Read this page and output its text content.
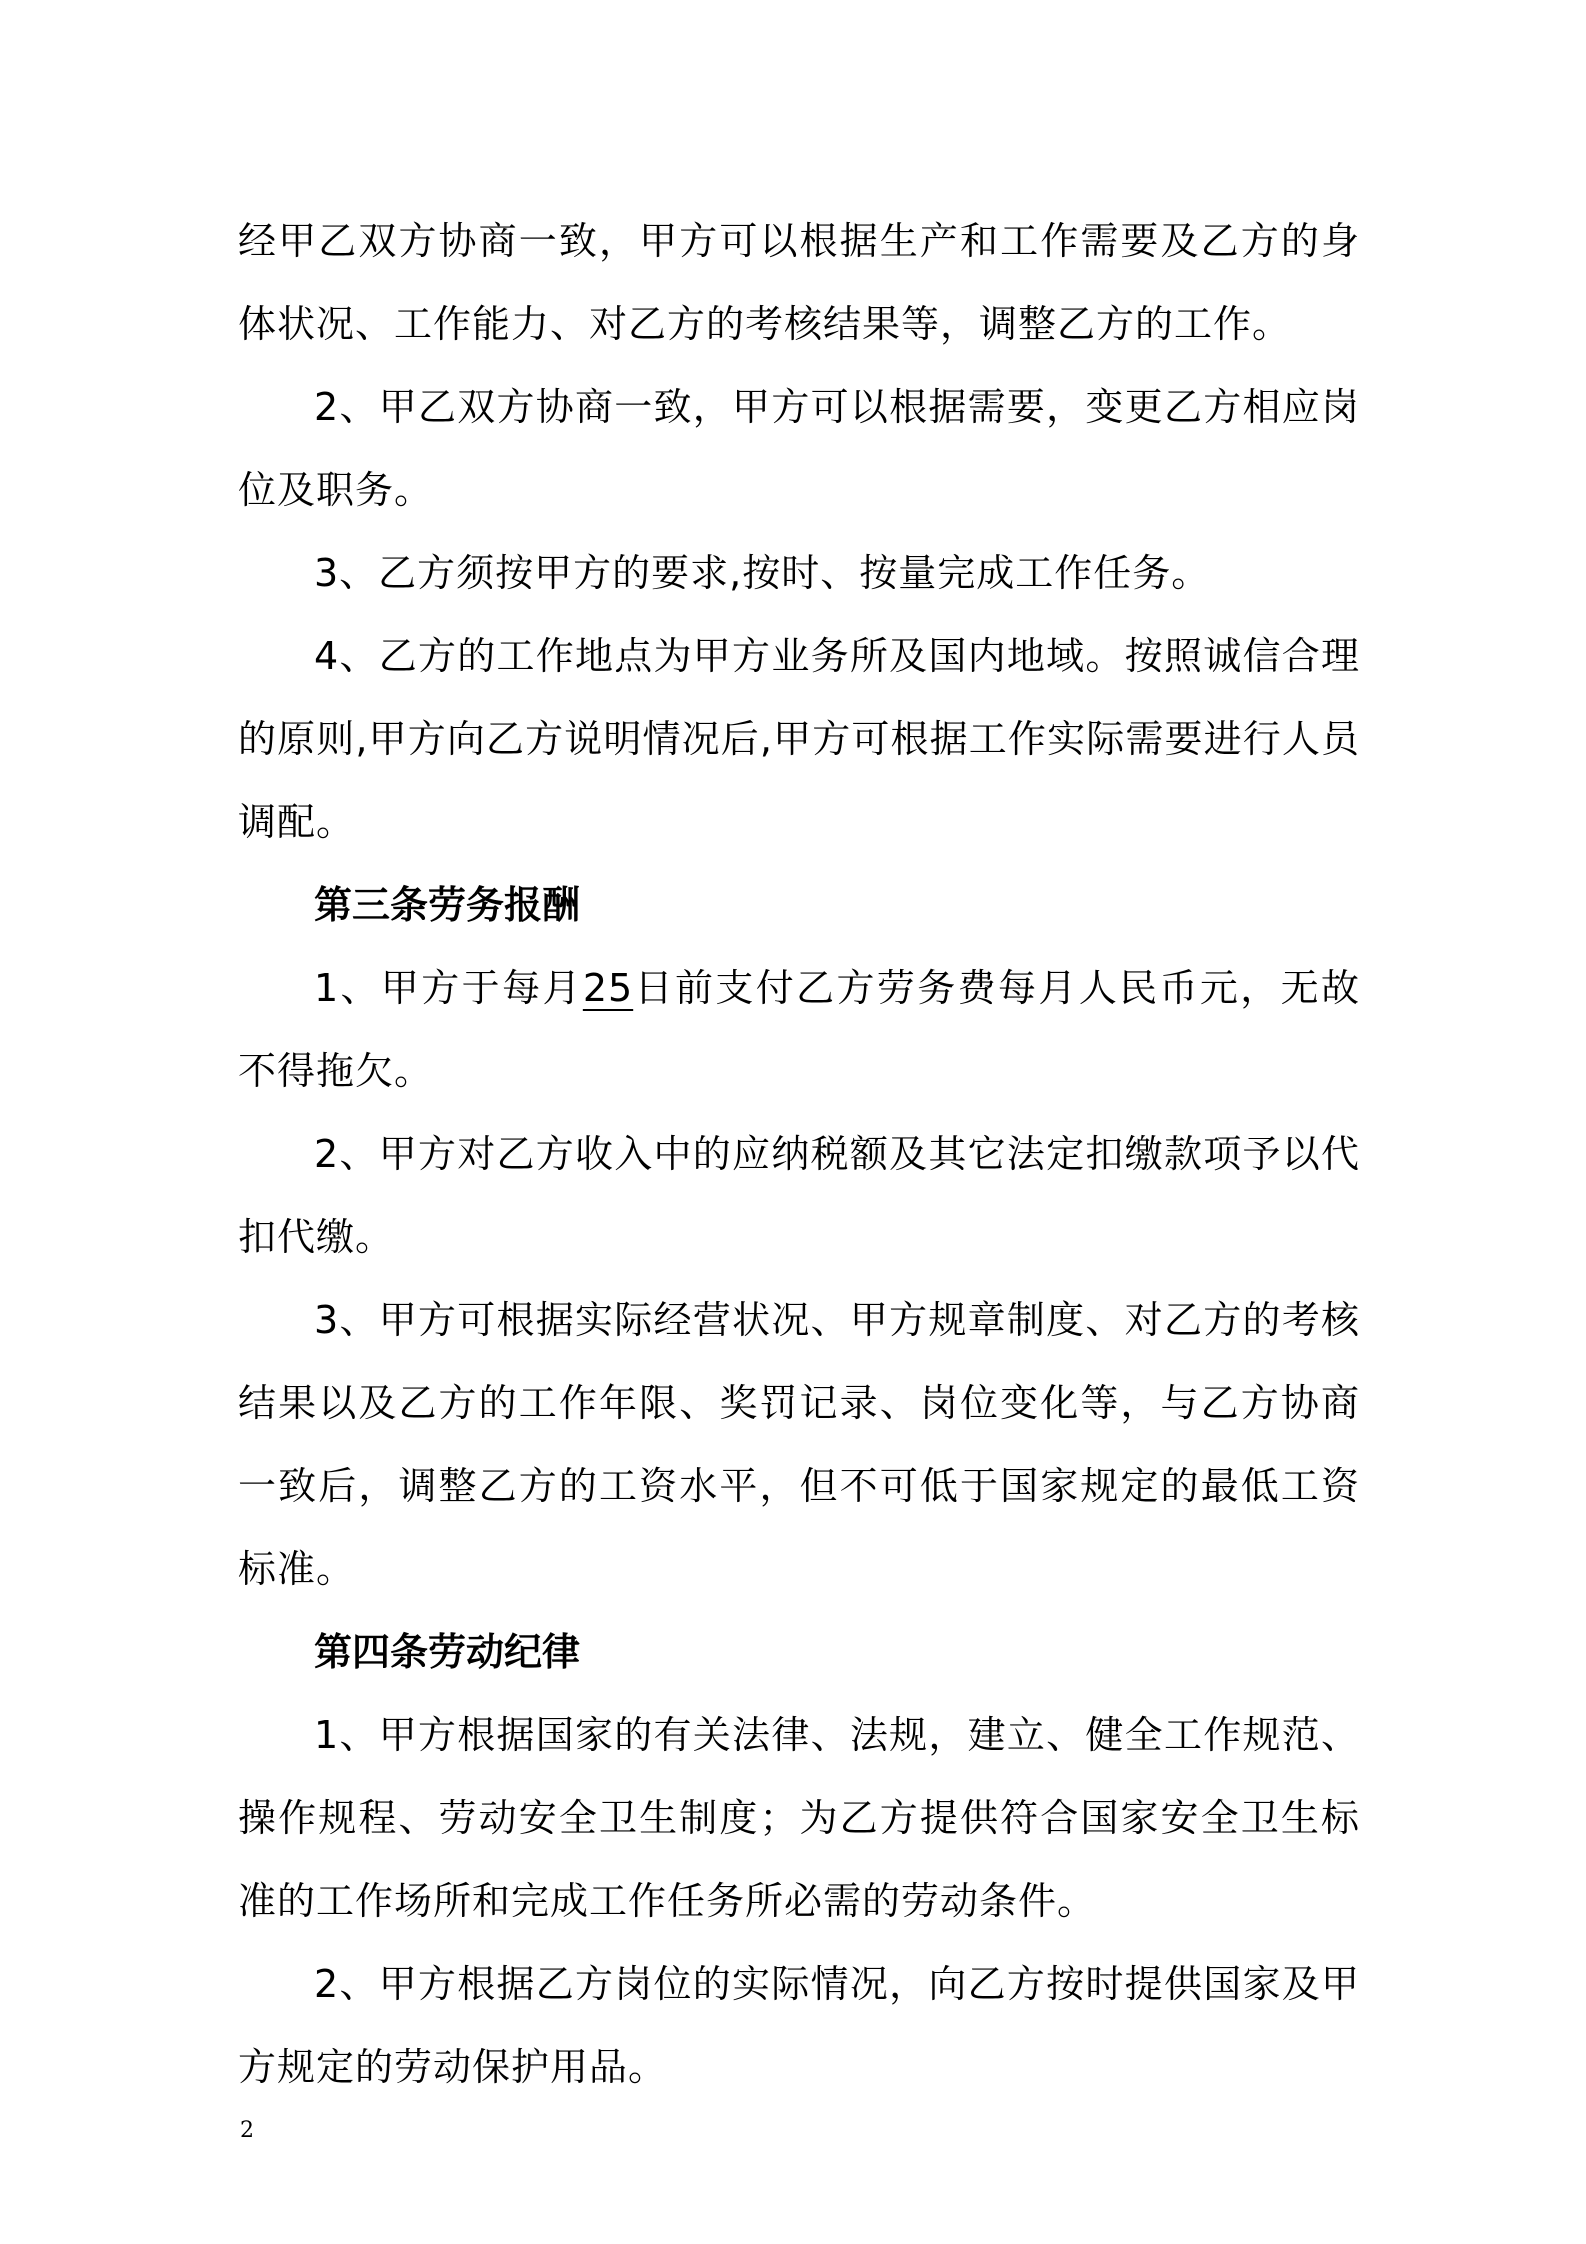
经甲乙双方协商一致，甲方可以根据生产和工作需要及乙方的身体状况、工作能力、对乙方的考核结果等，调整乙方的工作。

2、甲乙双方协商一致，甲方可以根据需要，变更乙方相应岗位及职务。

3、乙方须按甲方的要求,按时、按量完成工作任务。

4、乙方的工作地点为甲方业务所及国内地域。按照诚信合理的原则,甲方向乙方说明情况后,甲方可根据工作实际需要进行人员调配。

第三条劳务报酬

1、甲方于每月25日前支付乙方劳务费每月人民币元，无故不得拖欠。

2、甲方对乙方收入中的应纳税额及其它法定扣缴款项予以代扣代缴。

3、甲方可根据实际经营状况、甲方规章制度、对乙方的考核结果以及乙方的工作年限、奖罚记录、岗位变化等，与乙方协商一致后，调整乙方的工资水平，但不可低于国家规定的最低工资标准。

第四条劳动纪律

1、甲方根据国家的有关法律、法规，建立、健全工作规范、操作规程、劳动安全卫生制度；为乙方提供符合国家安全卫生标准的工作场所和完成工作任务所必需的劳动条件。

2、甲方根据乙方岗位的实际情况，向乙方按时提供国家及甲方规定的劳动保护用品。

2
